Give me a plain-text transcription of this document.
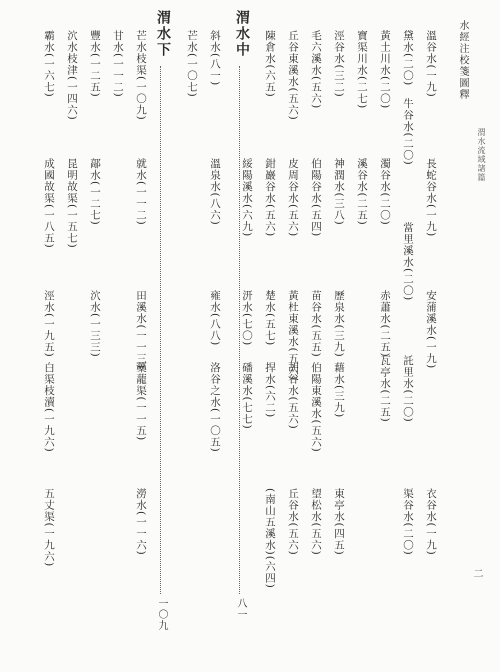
水經注校箋圖釋
渭水流域諸篇
二
溫谷水(一九)
長蛇谷水(一九)
安蒲溪水(一九)
衣谷水(一九)
黛水(二〇)
牛谷水(二〇)
當里溪水(二〇)
託里水(二〇)
渠谷水(二〇)
黃土川水(二〇)
濁谷水(二〇)
赤蕭水(二五)
瓦亭水(二五)
寶渠川水(二七)
溪谷水(二五)
涇谷水(三二)
神潤水(三八)
歷泉水(三九)
藉水(三九)
東亭水(四五)
毛六溪水(五六)
伯陽谷水(五四)
苗谷水(五五)
伯陽東溪水(五六)
望松水(五六)
丘谷東溪水(五六)
皮周谷水(五六)
黃杜東溪水(五六)
胡谷水(五六)
丘谷水(五六)
陳倉水(六五)
鉗巖谷水(五六)
捍水(六二)
(南山五溪水)(六四)
綏陽溪水(六九)
汧水(七〇) 楚水(五七)
磻溪水(七七)
渭水中
八一
斜水(八一)
溫泉水(八六)
雍水(八八)
洛谷之水(一〇五)
芒水(一〇七)
渭水下
一〇九
芒水枝渠(一〇九)
就水(一一二)
甘水(一一二)
田溪水(一一三)
蘽蘢渠(一一五)
澇水(一一六)
豐水(一二五)
鄗水(一二七)
泬水(一三三)
泬水枝津(一四六)
昆明故渠(一五七)
成國故渠(一八五)
涇水(一九五)
白渠枝瀆(一九六)
五丈渠(一九六)
霸水(一六七)
